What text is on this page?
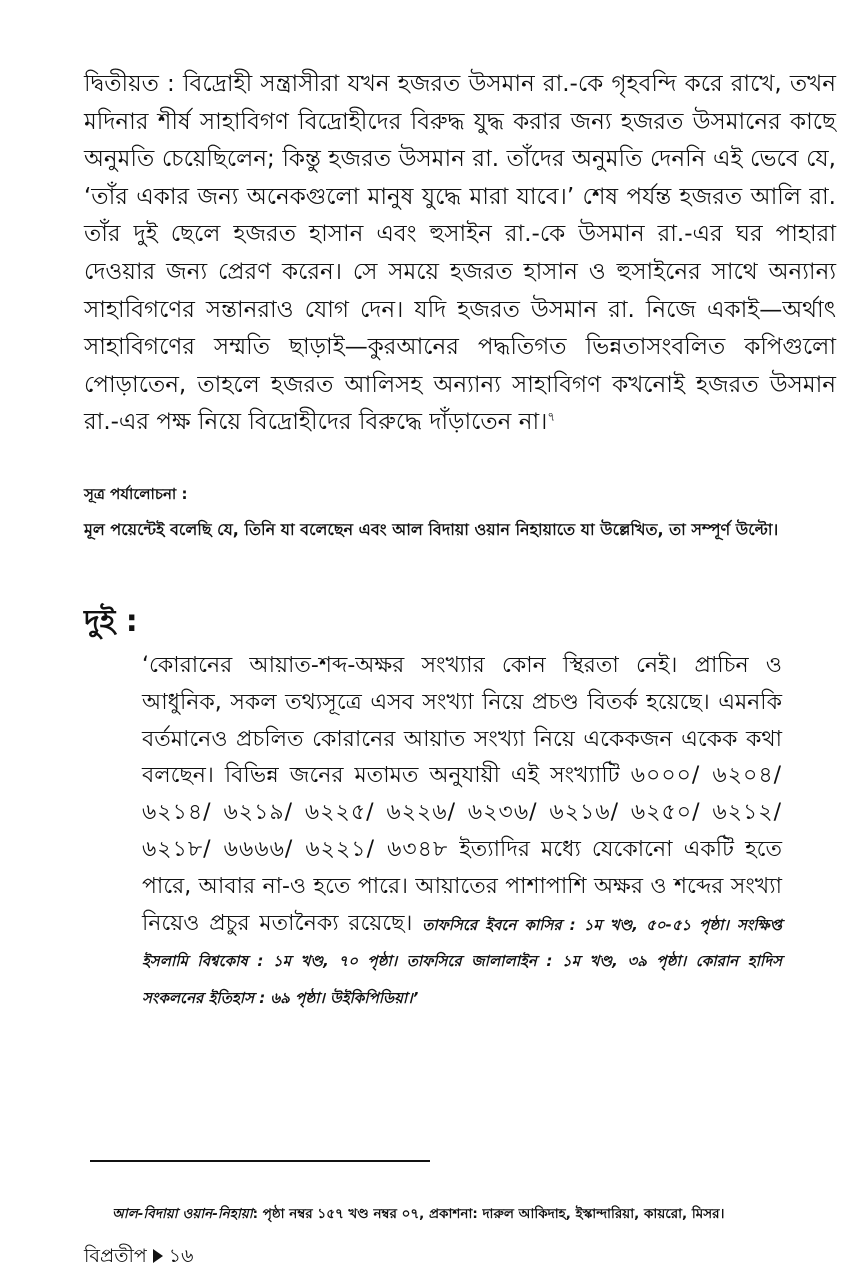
দ্বিতীয়ত : বিদ্রোহী সন্ত্রাসীরা যখন হজরত উসমান রা.-কে গৃহবন্দি করে রাখে, তখন মদিনার শীর্ষ সাহাবিগণ বিদ্রোহীদের বিরুদ্ধ যুদ্ধ করার জন্য হজরত উসমানের কাছে অনুমতি চেয়েছিলেন; কিন্তু হজরত উসমান রা. তাঁদের অনুমতি দেননি এই ভেবে যে, ‘তাঁর একার জন্য অনেকগুলো মানুষ যুদ্ধে মারা যাবে।’ শেষ পর্যন্ত হজরত আলি রা. তাঁর দুই ছেলে হজরত হাসান এবং হুসাইন রা.-কে উসমান রা.-এর ঘর পাহারা দেওয়ার জন্য প্রেরণ করেন। সে সময়ে হজরত হাসান ও হুসাইনের সাথে অন্যান্য সাহাবিগণের সন্তানরাও যোগ দেন। যদি হজরত উসমান রা. নিজে একাই—অর্থাৎ সাহাবিগণের সম্মতি ছাড়াই—কুরআনের পদ্ধতিগত ভিন্নতাসংবলিত কপিগুলো পোড়াতেন, তাহলে হজরত আলিসহ অন্যান্য সাহাবিগণ কখনোই হজরত উসমান রা.-এর পক্ষ নিয়ে বিদ্রোহীদের বিরুদ্ধে দাঁড়াতেন না।$^৭$
সূত্র পর্যালোচনা :
মূল পয়েন্টেই বলেছি যে, তিনি যা বলেছেন এবং আল বিদায়া ওয়ান নিহায়াতে যা উল্লেখিত, তা সম্পূর্ণ উল্টো।
দুই :
‘কোরানের আয়াত-শব্দ-অক্ষর সংখ্যার কোন স্থিরতা নেই। প্রাচিন ও আধুনিক, সকল তথ্যসূত্রে এসব সংখ্যা নিয়ে প্রচণ্ড বিতর্ক হয়েছে। এমনকি বর্তমানেও প্রচলিত কোরানের আয়াত সংখ্যা নিয়ে একেকজন একেক কথা বলছেন। বিভিন্ন জনের মতামত অনুযায়ী এই সংখ্যাটি ৬০০০/ ৬২০৪/ ৬২১৪/ ৬২১৯/ ৬২২৫/ ৬২২৬/ ৬২৩৬/ ৬২১৬/ ৬২৫০/ ৬২১২/ ৬২১৮/ ৬৬৬৬/ ৬২২১/ ৬৩৪৮ ইত্যাদির মধ্যে যেকোনো একটি হতে পারে, আবার না-ও হতে পারে। আয়াতের পাশাপাশি অক্ষর ও শব্দের সংখ্যা নিয়েও প্রচুর মতানৈক্য রয়েছে। তাফসিরে ইবনে কাসির : ১ম খণ্ড, ৫০-৫১ পৃষ্ঠা। সংক্ষিপ্ত ইসলামি বিশ্বকোষ : ১ম খণ্ড, ৭০ পৃষ্ঠা। তাফসিরে জালালাইন : ১ম খণ্ড, ৩৯ পৃষ্ঠা। কোরান হাদিস সংকলনের ইতিহাস : ৬৯ পৃষ্ঠা। উইকিপিডিয়া।’
আল-বিদায়া ওয়ান-নিহায়া: পৃষ্ঠা নম্বর ১৫৭ খণ্ড নম্বর ০৭, প্রকাশনা: দারুল আকিদাহ, ইস্কান্দারিয়া, কায়রো, মিসর।
বিপ্রতীপ ১৬
